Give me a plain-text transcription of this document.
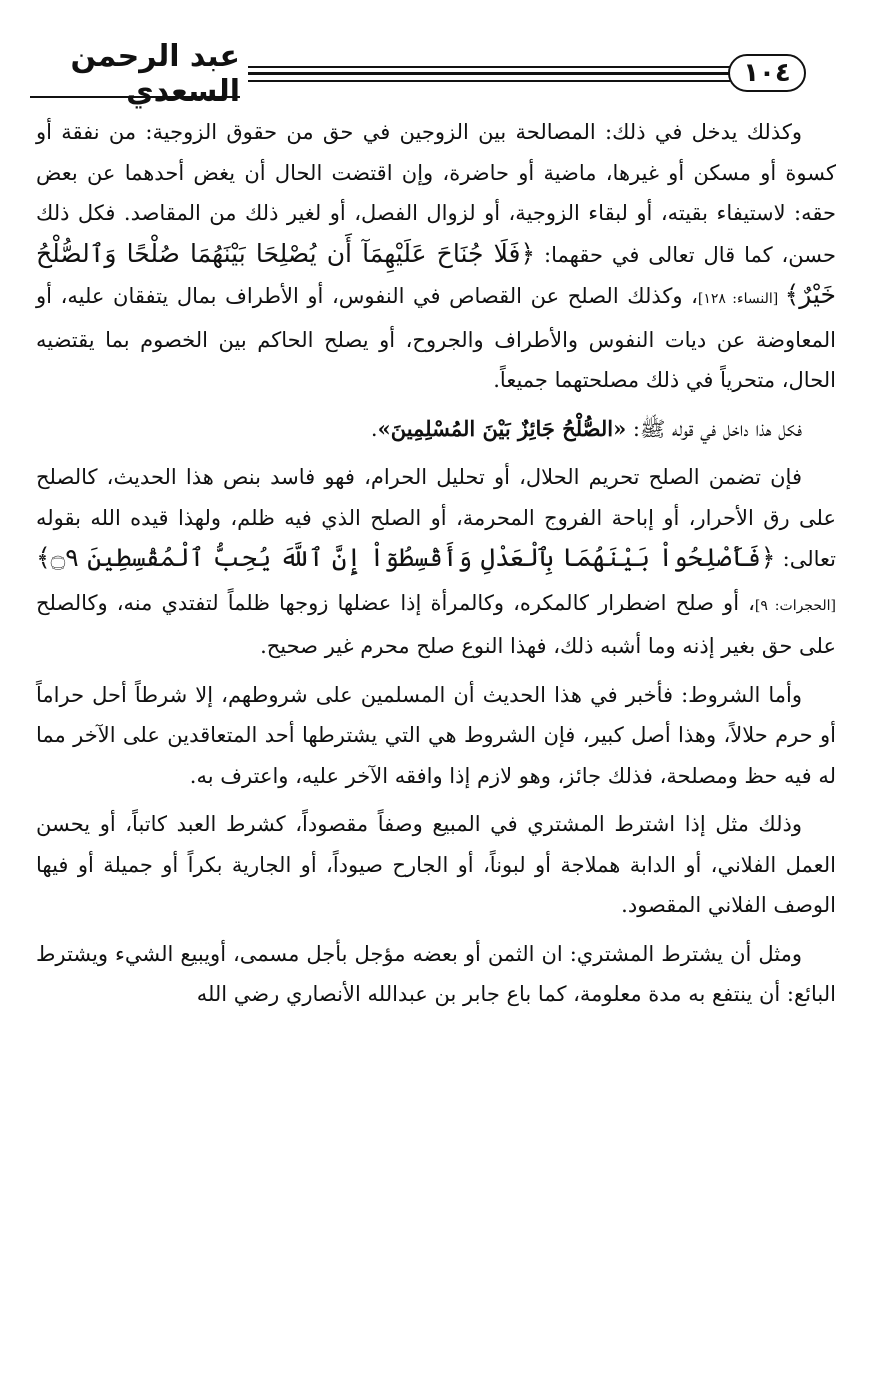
١٠٤
عبد الرحمن السعدي

وكذلك يدخل في ذلك: المصالحة بين الزوجين في حق من حقوق الزوجية: من نفقة أو كسوة أو مسكن أو غيرها، ماضية أو حاضرة، وإن اقتضت الحال أن يغض أحدهما عن بعض حقه: لاستيفاء بقيته، أو لبقاء الزوجية، أو لزوال الفصل، أو لغير ذلك من المقاصد. فكل ذلك حسن، كما قال تعالى في حقهما: ﴿فَلَا جُنَاحَ عَلَيْهِمَآ أَن يُصْلِحَا بَيْنَهُمَا صُلْحًا وَٱلصُّلْحُ خَيْرٌ﴾ [النساء: ١٢٨]، وكذلك الصلح عن القصاص في النفوس، أو الأطراف بمال يتفقان عليه، أو المعاوضة عن ديات النفوس والأطراف والجروح، أو يصلح الحاكم بين الخصوم بما يقتضيه الحال، متحرياً في ذلك مصلحتهما جميعاً.

فكل هذا داخل في قوله ﷺ: «الصُّلْحُ جَائِزٌ بَيْنَ المُسْلِمِينَ».

فإن تضمن الصلح تحريم الحلال، أو تحليل الحرام، فهو فاسد بنص هذا الحديث، كالصلح على رق الأحرار، أو إباحة الفروج المحرمة، أو الصلح الذي فيه ظلم، ولهذا قيده الله بقوله تعالى: ﴿فَأَصْلِحُواْ بَيْنَهُمَا بِٱلْعَدْلِ وَأَقْسِطُوٓاْ إِنَّ ٱللَّهَ يُحِبُّ ٱلْمُقْسِطِينَ ۝٩﴾ [الحجرات: ٩]، أو صلح اضطرار كالمكره، وكالمرأة إذا عضلها زوجها ظلماً لتفتدي منه، وكالصلح على حق بغير إذنه وما أشبه ذلك، فهذا النوع صلح محرم غير صحيح.

وأما الشروط: فأخبر في هذا الحديث أن المسلمين على شروطهم، إلا شرطاً أحل حراماً أو حرم حلالاً، وهذا أصل كبير، فإن الشروط هي التي يشترطها أحد المتعاقدين على الآخر مما له فيه حظ ومصلحة، فذلك جائز، وهو لازم إذا وافقه الآخر عليه، واعترف به.

وذلك مثل إذا اشترط المشتري في المبيع وصفاً مقصوداً، كشرط العبد كاتباً، أو يحسن العمل الفلاني، أو الدابة هملاجة أو لبوناً، أو الجارح صيوداً، أو الجارية بكراً أو جميلة أو فيها الوصف الفلاني المقصود.

ومثل أن يشترط المشتري: ان الثمن أو بعضه مؤجل بأجل مسمى، أويبيع الشيء ويشترط البائع: أن ينتفع به مدة معلومة، كما باع جابر بن عبدالله الأنصاري رضي الله
